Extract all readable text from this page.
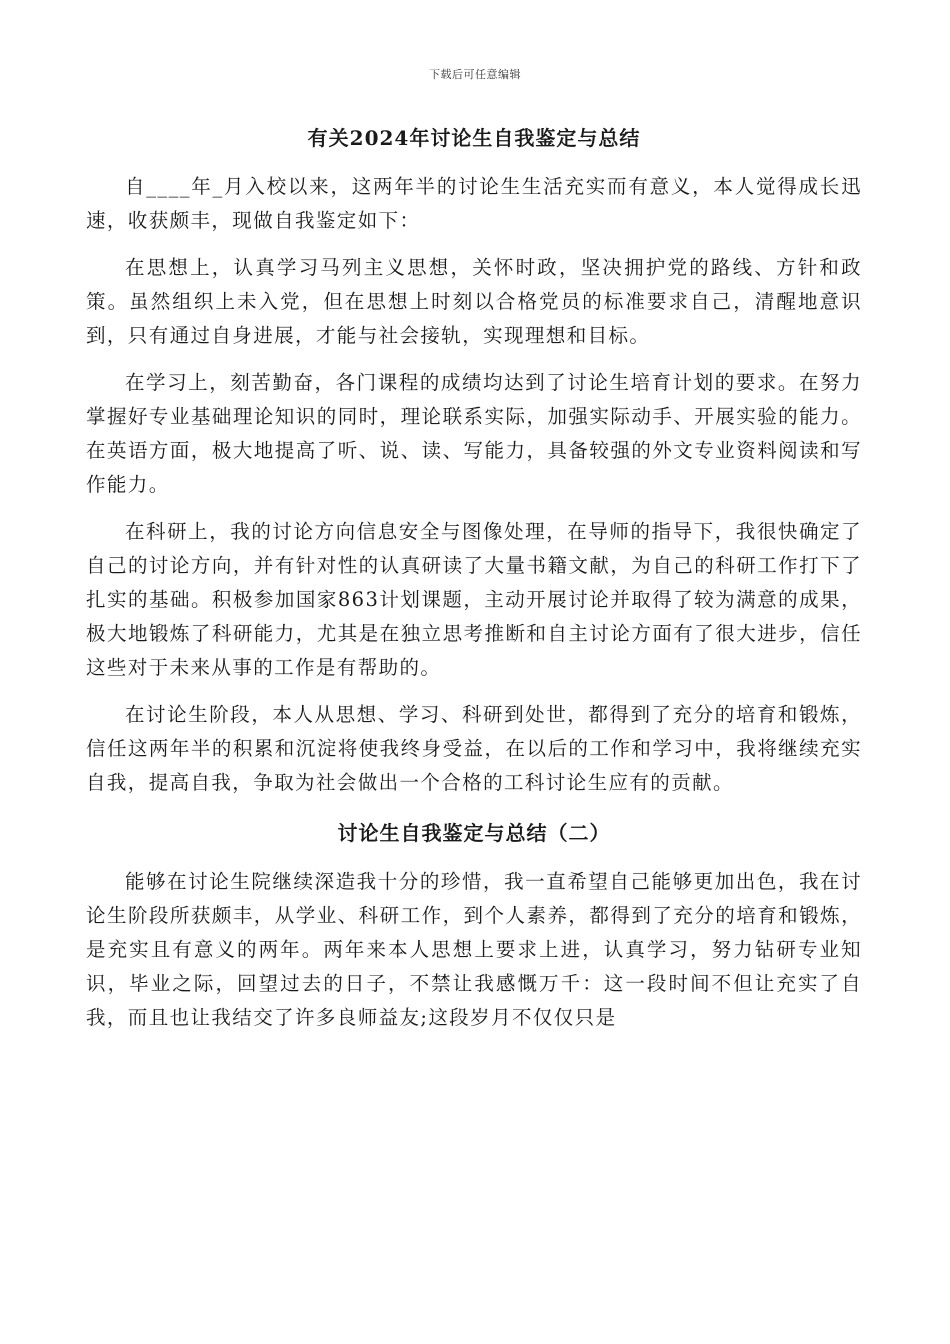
下载后可任意编辑
有关2024年讨论生自我鉴定与总结

自____年_月入校以来，这两年半的讨论生生活充实而有意义，本人觉得成长迅速，收获颇丰，现做自我鉴定如下：

在思想上，认真学习马列主义思想，关怀时政，坚决拥护党的路线、方针和政策。虽然组织上未入党，但在思想上时刻以合格党员的标准要求自己，清醒地意识到，只有通过自身进展，才能与社会接轨，实现理想和目标。

在学习上，刻苦勤奋，各门课程的成绩均达到了讨论生培育计划的要求。在努力掌握好专业基础理论知识的同时，理论联系实际，加强实际动手、开展实验的能力。在英语方面，极大地提高了听、说、读、写能力，具备较强的外文专业资料阅读和写作能力。

在科研上，我的讨论方向信息安全与图像处理，在导师的指导下，我很快确定了自己的讨论方向，并有针对性的认真研读了大量书籍文献，为自己的科研工作打下了扎实的基础。积极参加国家863计划课题，主动开展讨论并取得了较为满意的成果，极大地锻炼了科研能力，尤其是在独立思考推断和自主讨论方面有了很大进步，信任这些对于未来从事的工作是有帮助的。

在讨论生阶段，本人从思想、学习、科研到处世，都得到了充分的培育和锻炼，信任这两年半的积累和沉淀将使我终身受益，在以后的工作和学习中，我将继续充实自我，提高自我，争取为社会做出一个合格的工科讨论生应有的贡献。

讨论生自我鉴定与总结（二）

能够在讨论生院继续深造我十分的珍惜，我一直希望自己能够更加出色，我在讨论生阶段所获颇丰，从学业、科研工作，到个人素养，都得到了充分的培育和锻炼，是充实且有意义的两年。两年来本人思想上要求上进，认真学习，努力钻研专业知识，毕业之际，回望过去的日子，不禁让我感慨万千：这一段时间不但让充实了自我，而且也让我结交了许多良师益友;这段岁月不仅仅只是
